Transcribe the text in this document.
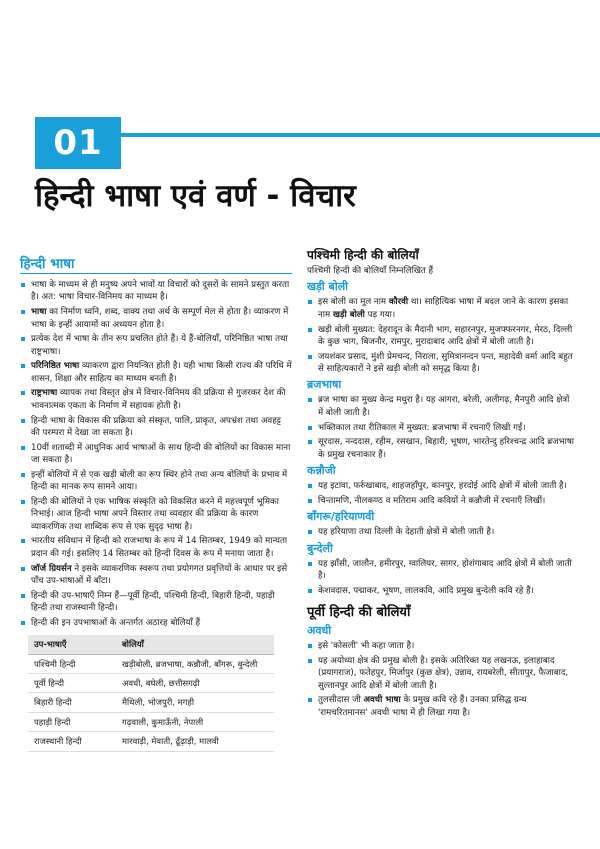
01
हिन्दी भाषा एवं वर्ण - विचार
हिन्दी भाषा
भाषा के माध्यम से ही मनुष्य अपने भावों या विचारों को दूसरों के सामने प्रस्तुत करता है। अत: भाषा विचार-विनिमय का माध्यम है।
भाषा का निर्माण ध्वनि, शब्द, वाक्य तथा अर्थ के सम्पूर्ण मेल से होता है। व्याकरण में भाषा के इन्हीं आयामों का अध्ययन होता है।
प्रत्येक देश में भाषा के तीन रूप प्रचलित होते हैं। ये हैं-बोलियाँ, परिनिष्ठित भाषा तथा राष्ट्रभाषा।
परिनिष्ठित भाषा व्याकरण द्वारा नियन्त्रित होती है। यही भाषा किसी राज्य की परिधि में शासन, शिक्षा और साहित्य का माध्यम बनती है।
राष्ट्रभाषा व्यापक तथा विस्तृत क्षेत्र में विचार-विनिमय की प्रक्रिया से गुजरकर देश की भावनात्मक एकता के निर्माण में सहायक होती है।
हिन्दी भाषा के विकास की प्रक्रिया को संस्कृत, पालि, प्राकृत, अपभ्रंश तथा अवहट्ट की परम्परा में देखा जा सकता है।
10वीं शताब्दी में आधुनिक आर्य भाषाओं के साथ हिन्दी की बोलियों का विकास माना जा सकता है।
इन्हीं बोलियों में से एक खड़ी बोली का रूप स्थिर होने तथा अन्य बोलियों के प्रभाव में हिन्दी का मानक रूप सामने आया।
हिन्दी की बोलियों ने एक भाषिक संस्कृति को विकसित करने में महत्त्वपूर्ण भूमिका निभाई। आज हिन्दी भाषा अपने विस्तार तथा व्यवहार की प्रक्रिया के कारण व्याकरणिक तथा शाब्दिक रूप से एक सुदृढ़ भाषा है।
भारतीय संविधान में हिन्दी को राजभाषा के रूप में 14 सितम्बर, 1949 को मान्यता प्रदान की गई। इसलिए 14 सितम्बर को हिन्दी दिवस के रूप में मनाया जाता है।
जॉर्ज ग्रियर्सन ने इसके व्याकरणिक स्वरूप तथा प्रयोगगत प्रवृत्तियों के आधार पर इसे पाँच उप-भाषाओं में बाँटा।
हिन्दी की उप-भाषाएँ निम्न हैं—पूर्वी हिन्दी, पश्चिमी हिन्दी, बिहारी हिन्दी, पहाड़ी हिन्दी तथा राजस्थानी हिन्दी।
हिन्दी की इन उपभाषाओं के अन्तर्गत अठारह बोलियाँ हैं
उप-भाषाएँ	बोलियाँ
पश्चिमी हिन्दी	खड़ीबोली, ब्रजभाषा, कन्नौजी, बाँगरू, बुन्देली
पूर्वी हिन्दी	अवधी, बघेली, छत्तीसगढ़ी
बिहारी हिन्दी	मैथिली, भोजपुरी, मगही
पहाड़ी हिन्दी	गढ़वाली, कुमाऊँनी, नेपाली
राजस्थानी हिन्दी	मारवाड़ी, मेवाती, ढूँढ़ाड़ी, मालवी
पश्चिमी हिन्दी की बोलियाँ
पश्चिमी हिन्दी की बोलियाँ निम्नलिखित हैं
खड़ी बोली
इस बोली का मूल नाम कौरवी था। साहित्यिक भाषा में बदल जाने के कारण इसका नाम खड़ी बोली पड़ गया।
खड़ी बोली मुख्यत: देहरादून के मैदानी भाग, सहारनपुर, मुजफ्फरनगर, मेरठ, दिल्ली के कुछ भाग, बिजनौर, रामपुर, मुरादाबाद आदि क्षेत्रों में बोली जाती है।
जयशंकर प्रसाद, मुंशी प्रेमचन्द, निराला, सुमित्रानन्दन पन्त, महादेवी वर्मा आदि बहुत से साहित्यकारों ने इसे खड़ी बोली को समृद्ध किया है।
ब्रजभाषा
ब्रज भाषा का मुख्य केन्द्र मथुरा है। यह आगरा, बरेली, अलीगढ़, मैनपुरी आदि क्षेत्रों में बोली जाती है।
भक्तिकाल तथा रीतिकाल में मुख्यत: ब्रजभाषा में रचनाएँ लिखी गईं।
सूरदास, नन्ददास, रहीम, रसखान, बिहारी, भूषण, भारतेन्दु हरिश्चन्द्र आदि ब्रजभाषा के प्रमुख रचनाकार हैं।
कन्नौजी
यह इटावा, फर्रुखाबाद, शाहजहाँपुर, कानपुर, हरदोई आदि क्षेत्रों में बोली जाती है।
चिन्तामणि, नीलकण्ठ व मतिराम आदि कवियों ने कन्नौजी में रचनाएँ लिखीं।
बाँगरू/हरियाणवी
यह हरियाणा तथा दिल्ली के देहाती क्षेत्रों में बोली जाती है।
बुन्देली
यह झाँसी, जालौन, हमीरपुर, ग्वालियर, सागर, होशंगाबाद आदि क्षेत्रों में बोली जाती है।
केशवदास, पद्माकर, भूषण, लालकवि, आदि प्रमुख बुन्देली कवि रहे हैं।
पूर्वी हिन्दी की बोलियाँ
अवधी
इसे 'कोसली' भी कहा जाता है।
यह अयोध्या क्षेत्र की प्रमुख बोली है। इसके अतिरिक्त यह लखनऊ, इलाहाबाद (प्रयागराज), फतेहपुर, मिर्जापुर (कुछ क्षेत्र), उन्नाव, रायबरेली, सीतापुर, फैजाबाद, सुल्तानपुर आदि क्षेत्रों में बोली जाती है।
तुलसीदास जी अवधी भाषा के प्रमुख कवि रहे हैं। उनका प्रसिद्ध ग्रन्थ 'रामचरितमानस' अवधी भाषा में ही लिखा गया है।
